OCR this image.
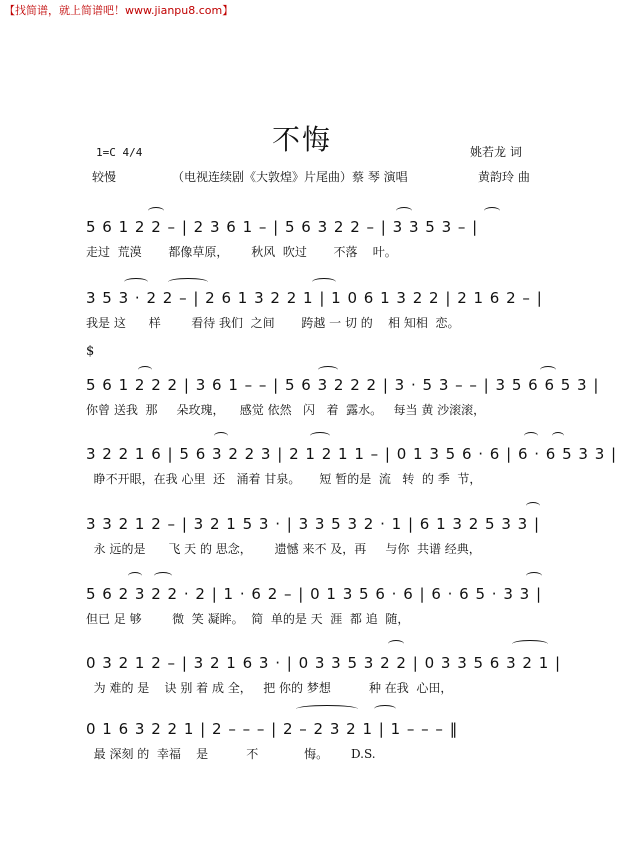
【找简谱，就上简谱吧！www.jianpu8.com】
不悔
1=C 4/4	姚若龙 词
较慢	（电视连续剧《大敦煌》片尾曲）蔡 琴 演唱	黄韵玲 曲
5 6 1 2 2 – | 2 3 6 1 – | 5 6 3 2 2 – | 3 3 5 3 – |
走过  荒漠       都像草原，      秋风  吹过       不落    叶。
3 5 3 · 2 2 – | 2 6 1 3 2 2 1 | 1 0 6 1 3 2 2 | 2 1 6 2 – |
我是 这      样        看待 我们  之间       跨越 一 切 的    相 知相  恋。
$
5 6 1 2 2 2 | 3 6 1 – – | 5 6 3 2 2 2 | 3 · 5 3 – – | 3 5 6 6 5 3 |
你曾 送我  那     朵玫瑰，    感觉 依然   闪   着  露水。   每当 黄 沙滚滚，
3 2 2 1 6 | 5 6 3 2 2 3 | 2 1 2 1 1 – | 0 1 3 5 6 · 6 | 6 · 6 5 3 3 |
睁不开眼，在我 心里  还   涌着 甘泉。     短 暂的是  流   转  的 季  节，
3 3 2 1 2 – | 3 2 1 5 3 · | 3 3 5 3 2 · 1 | 6 1 3 2 5 3 3 |
永 远的是      飞 天 的 思念，      遗憾 来不 及，再     与你  共谱 经典，
5 6 2 3 2 2 · 2 | 1 · 6 2 – | 0 1 3 5 6 · 6 | 6 · 6 5 · 3 3 |
但已 足 够        微  笑 凝眸。  简  单的是 天  涯  都 追  随，
0 3 2 1 2 – | 3 2 1 6 3 · | 0 3 3 5 3 2 2 | 0 3 3 5 6 3 2 1 |
为 难的 是    诀 别 着 成 全，   把 你的 梦想          种 在我  心田，
0 1 6 3 2 2 1 | 2 – – – | 2 – 2 3 2 1 | 1 – – – ‖
最 深刻 的  幸福    是          不            悔。      D.S.
